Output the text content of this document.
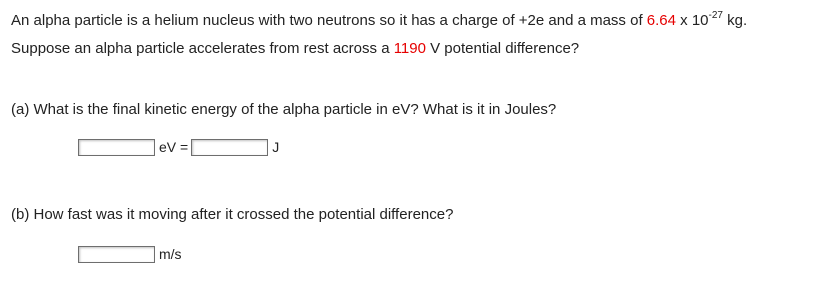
An alpha particle is a helium nucleus with two neutrons so it has a charge of +2e and a mass of 6.64 x $10^{-27}$ kg.
Suppose an alpha particle accelerates from rest across a 1190 V potential difference?
(a) What is the final kinetic energy of the alpha particle in eV? What is it in Joules?
eV =	J
(b) How fast was it moving after it crossed the potential difference?
m/s
